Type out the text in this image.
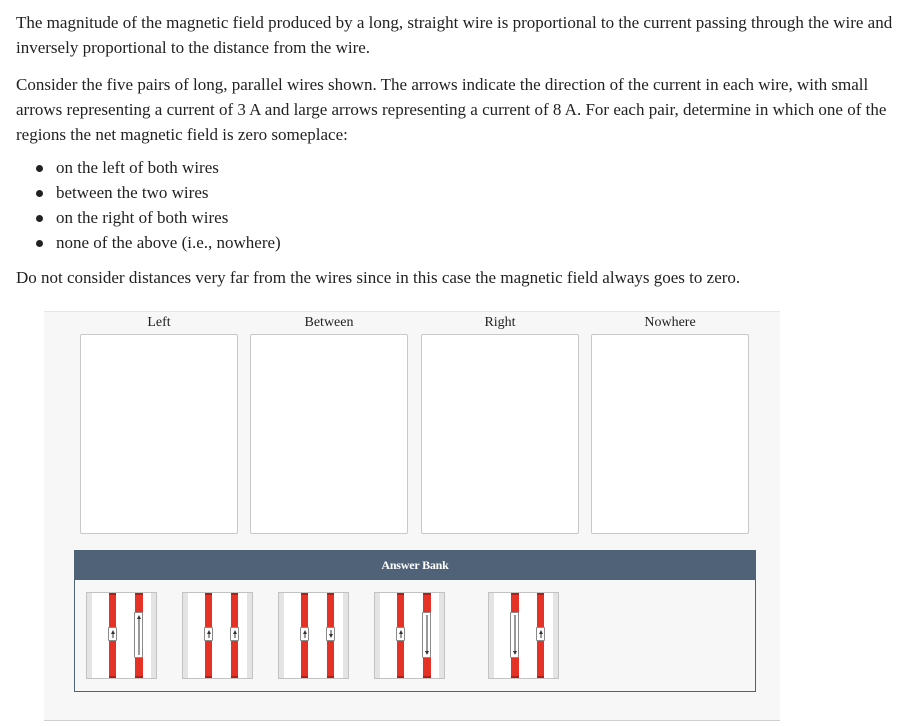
The magnitude of the magnetic field produced by a long, straight wire is proportional to the current passing through the wire and inversely proportional to the distance from the wire.

Consider the five pairs of long, parallel wires shown. The arrows indicate the direction of the current in each wire, with small arrows representing a current of 3 A and large arrows representing a current of 8 A. For each pair, determine in which one of the regions the net magnetic field is zero someplace:

on the left of both wires
between the two wires
on the right of both wires
none of the above (i.e., nowhere)

Do not consider distances very far from the wires since in this case the magnetic field always goes to zero.

Left	Between	Right	Nowhere
Answer Bank
